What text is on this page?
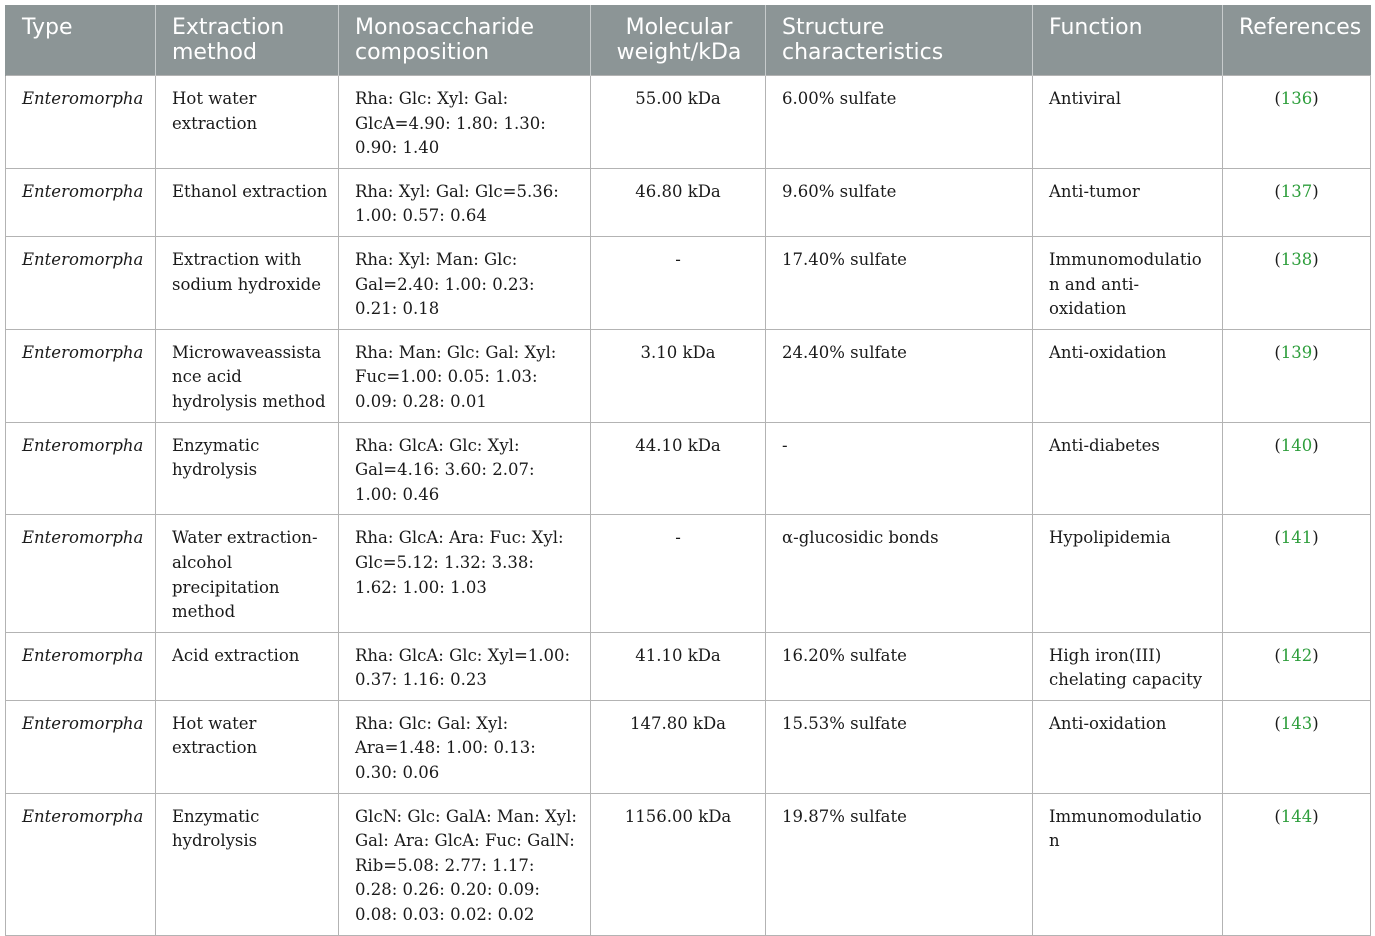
Type	Extraction method	Monosaccharide composition	Molecular weight/kDa	Structure characteristics	Function	References
Enteromorpha	Hot water extraction	Rha: Glc: Xyl: Gal: GlcA=4.90: 1.80: 1.30: 0.90: 1.40	55.00 kDa	6.00% sulfate	Antiviral	(136)
Enteromorpha	Ethanol extraction	Rha: Xyl: Gal: Glc=5.36: 1.00: 0.57: 0.64	46.80 kDa	9.60% sulfate	Anti-tumor	(137)
Enteromorpha	Extraction with sodium hydroxide	Rha: Xyl: Man: Glc: Gal=2.40: 1.00: 0.23: 0.21: 0.18	-	17.40% sulfate	Immunomodulation and anti-oxidation	(138)
Enteromorpha	Microwaveassistance acid hydrolysis method	Rha: Man: Glc: Gal: Xyl: Fuc=1.00: 0.05: 1.03: 0.09: 0.28: 0.01	3.10 kDa	24.40% sulfate	Anti-oxidation	(139)
Enteromorpha	Enzymatic hydrolysis	Rha: GlcA: Glc: Xyl: Gal=4.16: 3.60: 2.07: 1.00: 0.46	44.10 kDa	-	Anti-diabetes	(140)
Enteromorpha	Water extraction-alcohol precipitation method	Rha: GlcA: Ara: Fuc: Xyl: Glc=5.12: 1.32: 3.38: 1.62: 1.00: 1.03	-	α-glucosidic bonds	Hypolipidemia	(141)
Enteromorpha	Acid extraction	Rha: GlcA: Glc: Xyl=1.00: 0.37: 1.16: 0.23	41.10 kDa	16.20% sulfate	High iron(III) chelating capacity	(142)
Enteromorpha	Hot water extraction	Rha: Glc: Gal: Xyl: Ara=1.48: 1.00: 0.13: 0.30: 0.06	147.80 kDa	15.53% sulfate	Anti-oxidation	(143)
Enteromorpha	Enzymatic hydrolysis	GlcN: Glc: GalA: Man: Xyl: Gal: Ara: GlcA: Fuc: GalN: Rib=5.08: 2.77: 1.17: 0.28: 0.26: 0.20: 0.09: 0.08: 0.03: 0.02: 0.02	1156.00 kDa	19.87% sulfate	Immunomodulation	(144)
